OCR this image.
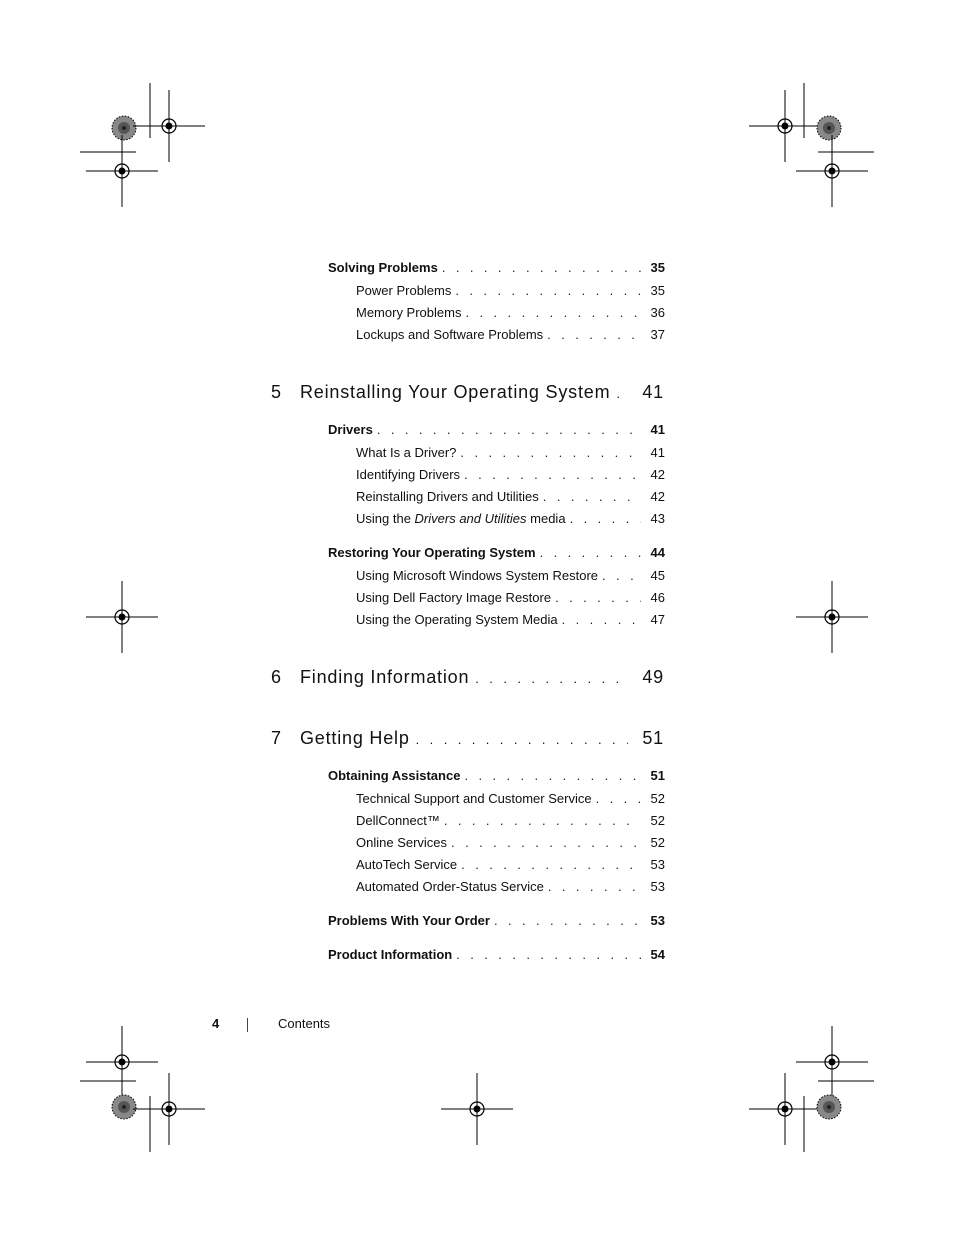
Solving Problems . . .	35
Power Problems . . .	35
Memory Problems . . .	36
Lockups and Software Problems . . .	37
5	Reinstalling Your Operating System . . .	41
Drivers . . .	41
What Is a Driver? . . .	41
Identifying Drivers . . .	42
Reinstalling Drivers and Utilities . . .	42
Using the Drivers and Utilities media . . .	43
Restoring Your Operating System . . .	44
Using Microsoft Windows System Restore . . .	45
Using Dell Factory Image Restore . . .	46
Using the Operating System Media . . .	47
6	Finding Information . . .	49
7	Getting Help . . .	51
Obtaining Assistance . . .	51
Technical Support and Customer Service . . .	52
DellConnect™ . . .	52
Online Services . . .	52
AutoTech Service . . .	53
Automated Order-Status Service . . .	53
Problems With Your Order . . .	53
Product Information . . .	54
4	Contents
